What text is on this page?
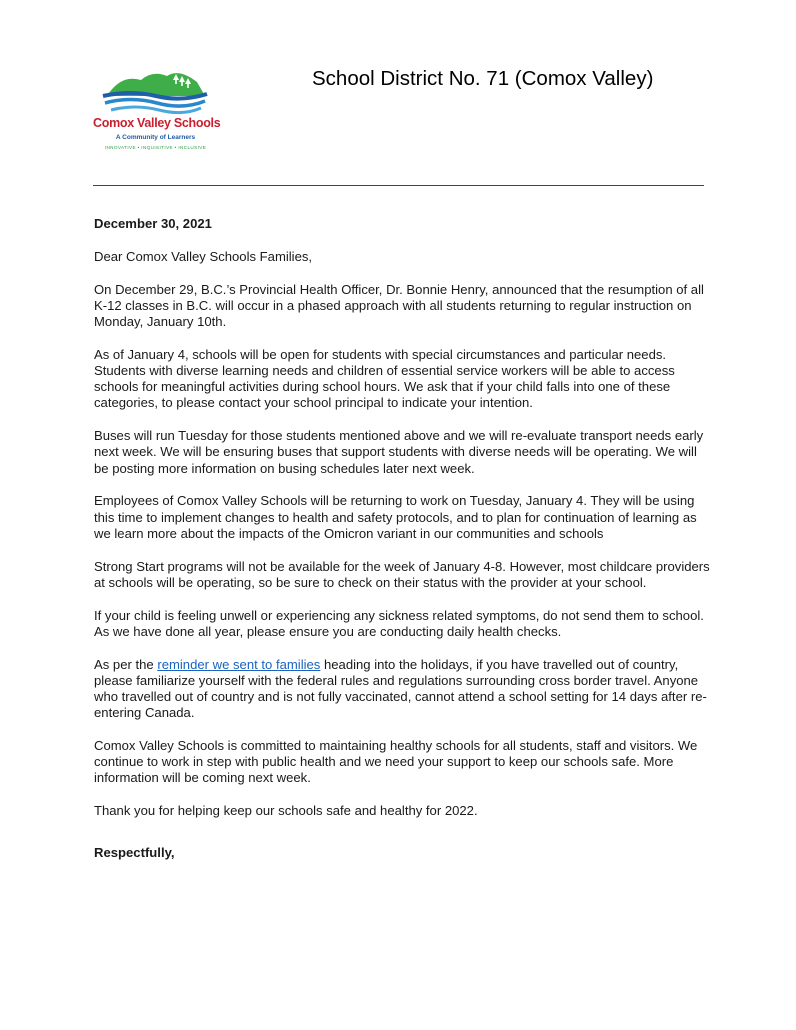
Comox Valley Schools
A Community of Learners
INNOVATIVE • INQUISITIVE • INCLUSIVE
School District No. 71 (Comox Valley)

December 30, 2021

Dear Comox Valley Schools Families,

On December 29, B.C.’s Provincial Health Officer, Dr. Bonnie Henry, announced that the resumption of all K-12 classes in B.C. will occur in a phased approach with all students returning to regular instruction on Monday, January 10th.

As of January 4, schools will be open for students with special circumstances and particular needs. Students with diverse learning needs and children of essential service workers will be able to access schools for meaningful activities during school hours. We ask that if your child falls into one of these categories, to please contact your school principal to indicate your intention.

Buses will run Tuesday for those students mentioned above and we will re-evaluate transport needs early next week. We will be ensuring buses that support students with diverse needs will be operating. We will be posting more information on busing schedules later next week.

Employees of Comox Valley Schools will be returning to work on Tuesday, January 4. They will be using this time to implement changes to health and safety protocols, and to plan for continuation of learning as we learn more about the impacts of the Omicron variant in our communities and schools

Strong Start programs will not be available for the week of January 4-8. However, most childcare providers at schools will be operating, so be sure to check on their status with the provider at your school.

If your child is feeling unwell or experiencing any sickness related symptoms, do not send them to school. As we have done all year, please ensure you are conducting daily health checks.

As per the reminder we sent to families heading into the holidays, if you have travelled out of country, please familiarize yourself with the federal rules and regulations surrounding cross border travel. Anyone who travelled out of country and is not fully vaccinated, cannot attend a school setting for 14 days after re-entering Canada.

Comox Valley Schools is committed to maintaining healthy schools for all students, staff and visitors. We continue to work in step with public health and we need your support to keep our schools safe. More information will be coming next week.

Thank you for helping keep our schools safe and healthy for 2022.

Respectfully,
